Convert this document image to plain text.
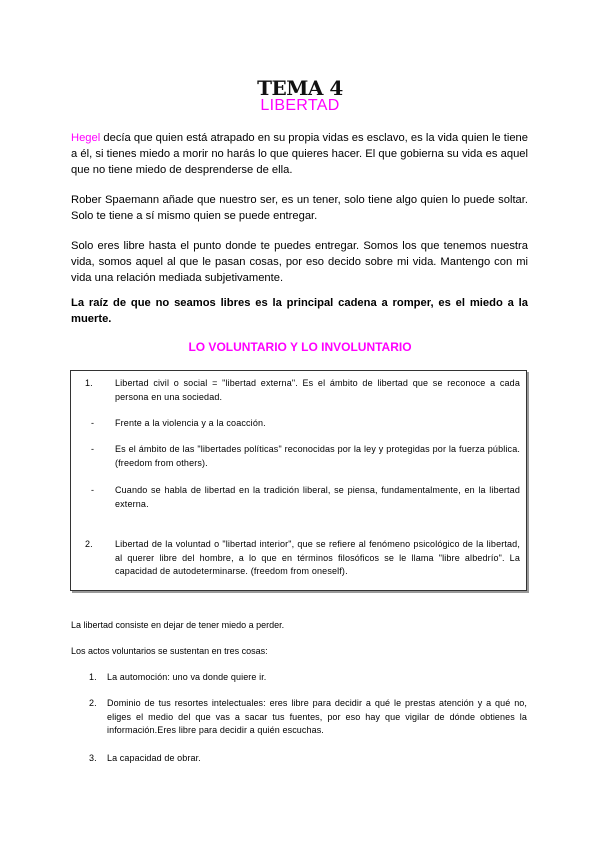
TEMA 4
LIBERTAD
Hegel decía que quien está atrapado en su propia vidas es esclavo, es la vida quien le tiene a él, si tienes miedo a morir no harás lo que quieres hacer. El que gobierna su vida es aquel que no tiene miedo de desprenderse de ella.
Rober Spaemann añade que nuestro ser, es un tener, solo tiene algo quien lo puede soltar. Solo te tiene a sí mismo quien se puede entregar.
Solo eres libre hasta el punto donde te puedes entregar. Somos los que tenemos nuestra vida, somos aquel al que le pasan cosas, por eso decido sobre mi vida. Mantengo con mi vida una relación mediada subjetivamente.
La raíz de que no seamos libres es la principal cadena a romper, es el miedo a la muerte.
LO VOLUNTARIO Y LO INVOLUNTARIO
1.	Libertad civil o social = "libertad externa". Es el ámbito de libertad que se reconoce a cada persona en una sociedad.
-	Frente a la violencia y a la coacción.
-	Es el ámbito de las "libertades políticas" reconocidas por la ley y protegidas por la fuerza pública. (freedom from others).
-	Cuando se habla de libertad en la tradición liberal, se piensa, fundamentalmente, en la libertad externa.
2.	Libertad de la voluntad o "libertad interior", que se refiere al fenómeno psicológico de la libertad, al querer libre del hombre, a lo que en términos filosóficos se le llama "libre albedrío". La capacidad de autodeterminarse. (freedom from oneself).
La libertad consiste en dejar de tener miedo a perder.
Los actos voluntarios se sustentan en tres cosas:
1.	La automoción: uno va donde quiere ir.
2.	Dominio de tus resortes intelectuales: eres libre para decidir a qué le prestas atención y a qué no, eliges el medio del que vas a sacar tus fuentes, por eso hay que vigilar de dónde obtienes la información.Eres libre para decidir a quién escuchas.
3.	La capacidad de obrar.
